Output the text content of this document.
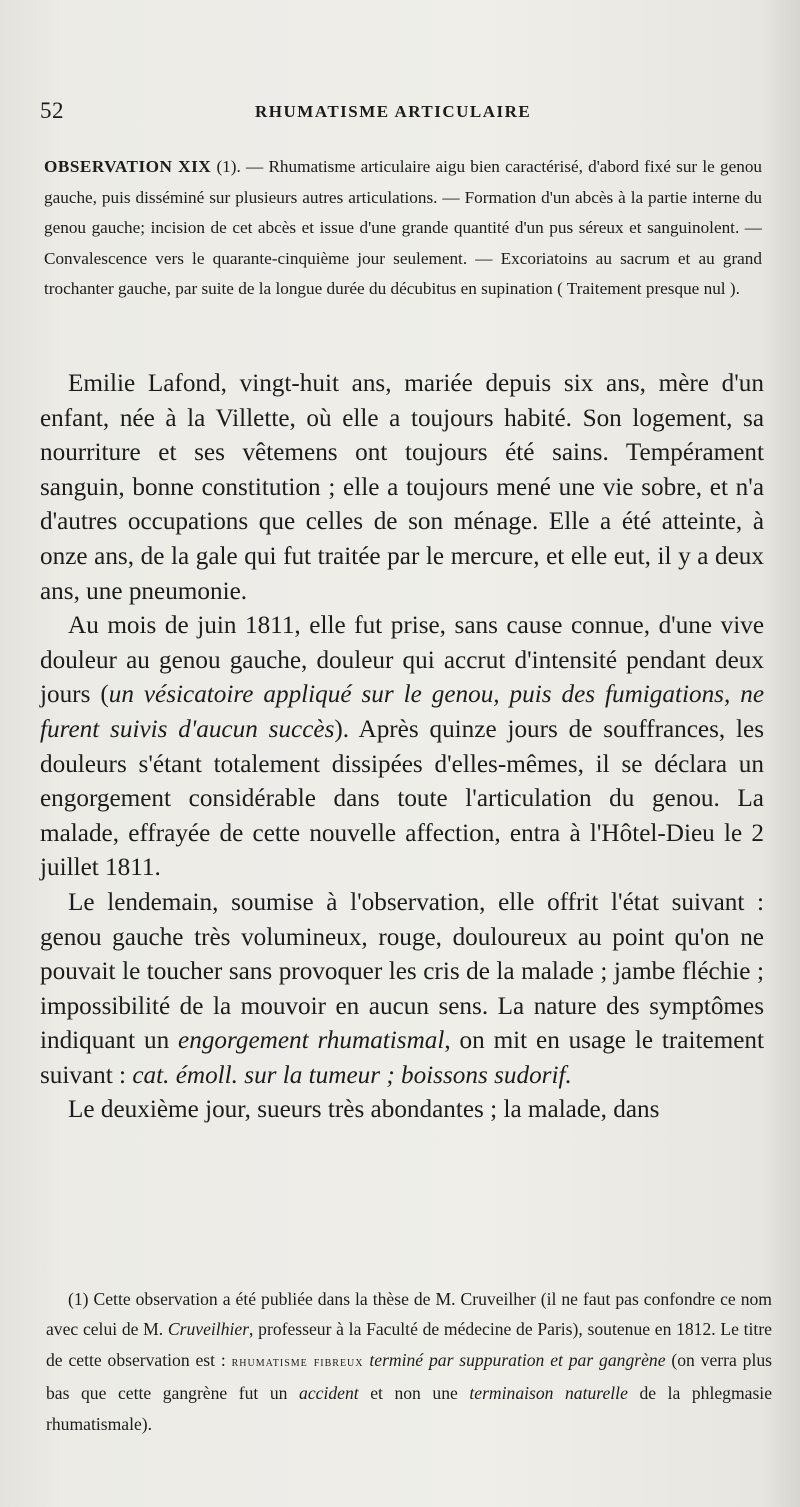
52	RHUMATISME ARTICULAIRE
OBSERVATION XIX (1). — Rhumatisme articulaire aigu bien caractérisé, d'abord fixé sur le genou gauche, puis disséminé sur plusieurs autres articulations. — Formation d'un abcès à la partie interne du genou gauche; incision de cet abcès et issue d'une grande quantité d'un pus séreux et sanguinolent. — Convalescence vers le quarante-cinquième jour seulement. — Excoriatoins au sacrum et au grand trochanter gauche, par suite de la longue durée du décubitus en supination ( Traitement presque nul ).

Emilie Lafond, vingt-huit ans, mariée depuis six ans, mère d'un enfant, née à la Villette, où elle a toujours habité. Son logement, sa nourriture et ses vêtemens ont toujours été sains. Tempérament sanguin, bonne constitution ; elle a toujours mené une vie sobre, et n'a d'autres occupations que celles de son ménage. Elle a été atteinte, à onze ans, de la gale qui fut traitée par le mercure, et elle eut, il y a deux ans, une pneumonie.

Au mois de juin 1811, elle fut prise, sans cause connue, d'une vive douleur au genou gauche, douleur qui accrut d'intensité pendant deux jours (un vésicatoire appliqué sur le genou, puis des fumigations, ne furent suivis d'aucun succès). Après quinze jours de souffrances, les douleurs s'étant totalement dissipées d'elles-mêmes, il se déclara un engorgement considérable dans toute l'articulation du genou. La malade, effrayée de cette nouvelle affection, entra à l'Hôtel-Dieu le 2 juillet 1811.

Le lendemain, soumise à l'observation, elle offrit l'état suivant : genou gauche très volumineux, rouge, douloureux au point qu'on ne pouvait le toucher sans provoquer les cris de la malade ; jambe fléchie ; impossibilité de la mouvoir en aucun sens. La nature des symptômes indiquant un engorgement rhumatismal, on mit en usage le traitement suivant : cat. émoll. sur la tumeur ; boissons sudorif.

Le deuxième jour, sueurs très abondantes ; la malade, dans

(1) Cette observation a été publiée dans la thèse de M. Cruveilher (il ne faut pas confondre ce nom avec celui de M. Cruveilhier, professeur à la Faculté de médecine de Paris), soutenue en 1812. Le titre de cette observation est : rhumatisme fibreux terminé par suppuration et par gangrène (on verra plus bas que cette gangrène fut un accident et non une terminaison naturelle de la phlegmasie rhumatismale).
